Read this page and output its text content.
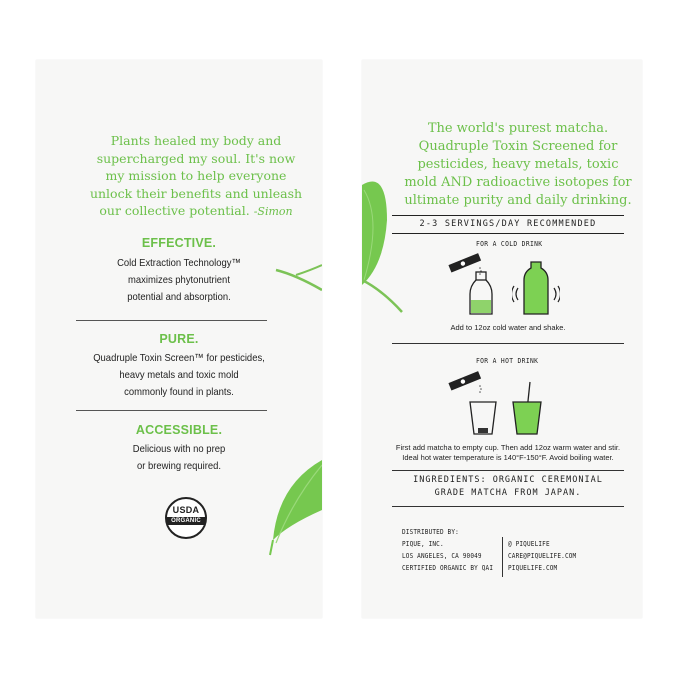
Plants healed my body and supercharged my soul. It's now my mission to help everyone unlock their benefits and unleash our collective potential. -Simon
EFFECTIVE.
Cold Extraction Technology™
maximizes phytonutrient
potential and absorption.
PURE.
Quadruple Toxin Screen™ for pesticides,
heavy metals and toxic mold
commonly found in plants.
ACCESSIBLE.
Delicious with no prep
or brewing required.
USDA
ORGANIC
The world's purest matcha. Quadruple Toxin Screened for pesticides, heavy metals, toxic mold AND radioactive isotopes for ultimate purity and daily drinking.
2-3 SERVINGS/DAY RECOMMENDED
FOR A COLD DRINK
Add to 12oz cold water and shake.
FOR A HOT DRINK
First add matcha to empty cup. Then add 12oz warm water and stir.
Ideal hot water temperature is 140°F-150°F. Avoid boiling water.
INGREDIENTS: ORGANIC CEREMONIAL
GRADE MATCHA FROM JAPAN.
DISTRIBUTED BY:
PIQUE, INC.
LOS ANGELES, CA 90049
CERTIFIED ORGANIC BY QAI
@ PIQUELIFE
CARE@PIQUELIFE.COM
PIQUELIFE.COM
